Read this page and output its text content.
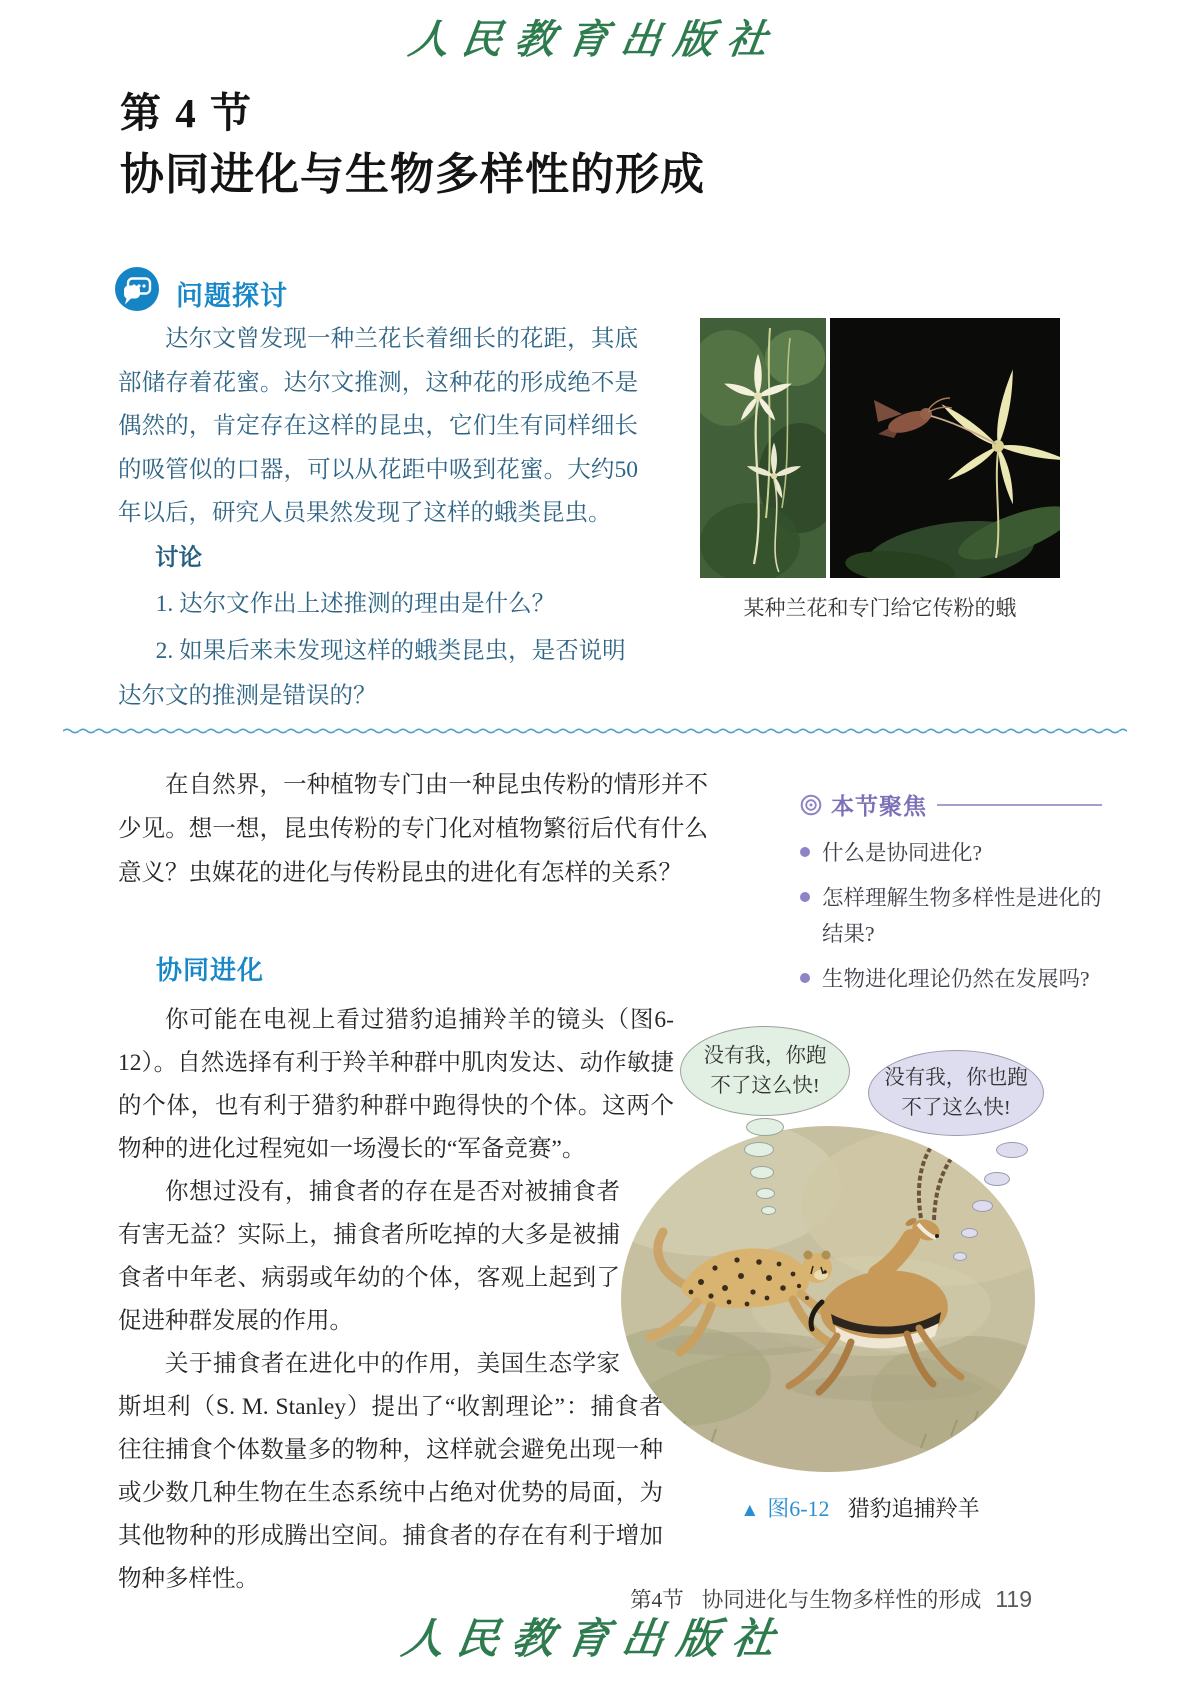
人民教育出版社
第 4 节
协同进化与生物多样性的形成
问题探讨
达尔文曾发现一种兰花长着细长的花距，其底部储存着花蜜。达尔文推测，这种花的形成绝不是偶然的，肯定存在这样的昆虫，它们生有同样细长的吸管似的口器，可以从花距中吸到花蜜。大约50年以后，研究人员果然发现了这样的蛾类昆虫。
讨论
1. 达尔文作出上述推测的理由是什么？
2. 如果后来未发现这样的蛾类昆虫，是否说明达尔文的推测是错误的？
某种兰花和专门给它传粉的蛾
在自然界，一种植物专门由一种昆虫传粉的情形并不少见。想一想，昆虫传粉的专门化对植物繁衍后代有什么意义？虫媒花的进化与传粉昆虫的进化有怎样的关系？
本节聚焦
什么是协同进化?
怎样理解生物多样性是进化的结果?
生物进化理论仍然在发展吗?
协同进化

你可能在电视上看过猎豹追捕羚羊的镜头（图6-12）。自然选择有利于羚羊种群中肌肉发达、动作敏捷的个体，也有利于猎豹种群中跑得快的个体。这两个物种的进化过程宛如一场漫长的“军备竞赛”。

你想过没有，捕食者的存在是否对被捕食者有害无益？实际上，捕食者所吃掉的大多是被捕食者中年老、病弱或年幼的个体，客观上起到了促进种群发展的作用。

关于捕食者在进化中的作用，美国生态学家斯坦利（S. M. Stanley）提出了“收割理论”：捕食者往往捕食个体数量多的物种，这样就会避免出现一种或少数几种生物在生态系统中占绝对优势的局面，为其他物种的形成腾出空间。捕食者的存在有利于增加物种多样性。

没有我，你跑不了这么快!	没有我，你也跑不了这么快!
▲ 图6-12 猎豹追捕羚羊
第4节 协同进化与生物多样性的形成 119
人民教育出版社
